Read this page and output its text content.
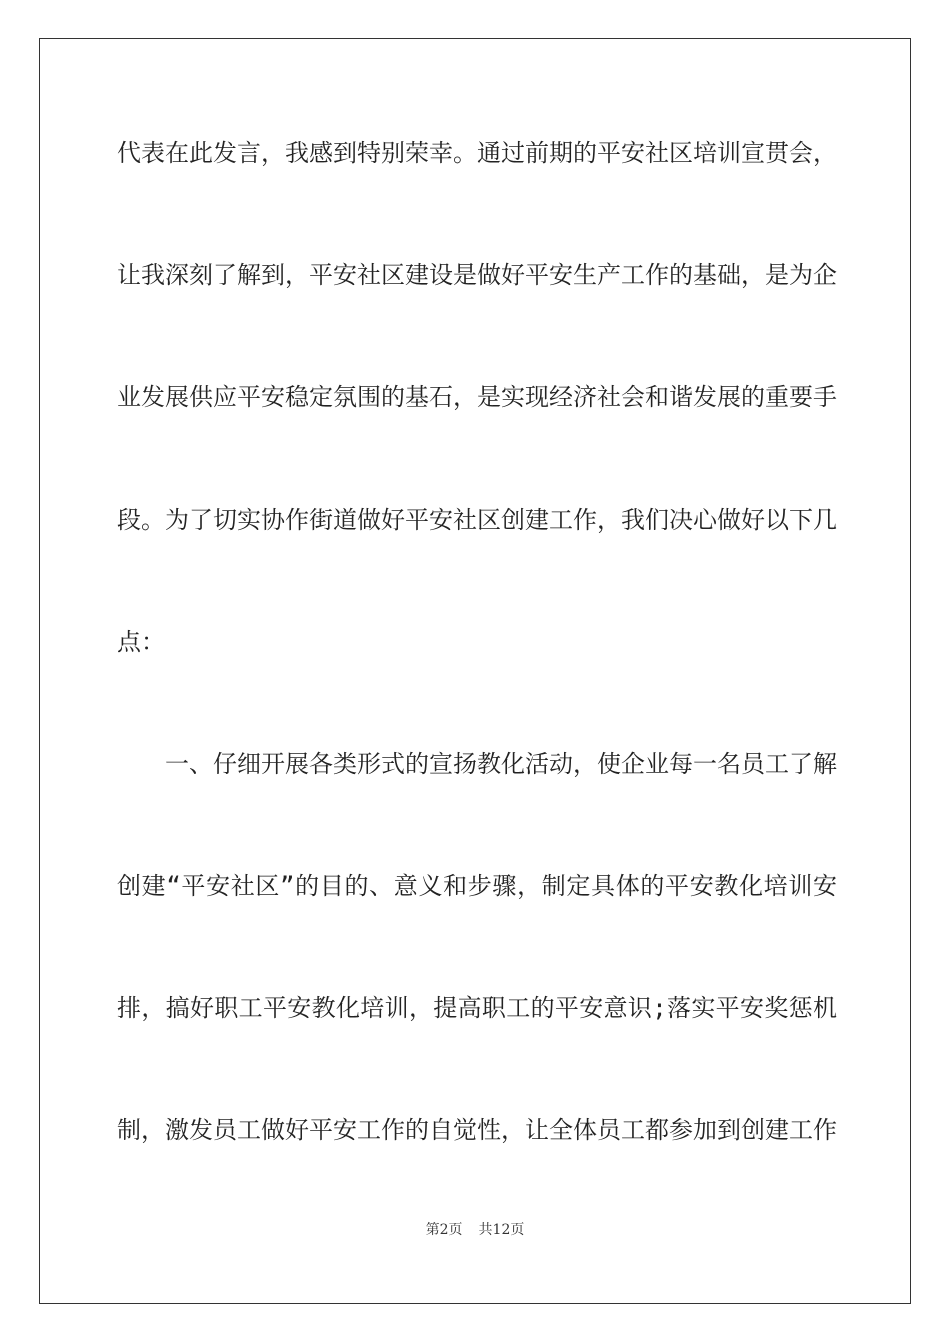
代表在此发言，我感到特别荣幸。通过前期的平安社区培训宣贯会，
让我深刻了解到，平安社区建设是做好平安生产工作的基础，是为企
业发展供应平安稳定氛围的基石，是实现经济社会和谐发展的重要手
段。为了切实协作街道做好平安社区创建工作，我们决心做好以下几
点：
一、仔细开展各类形式的宣扬教化活动，使企业每一名员工了解
创建“平安社区”的目的、意义和步骤，制定具体的平安教化培训安
排，搞好职工平安教化培训，提高职工的平安意识;落实平安奖惩机
制，激发员工做好平安工作的自觉性，让全体员工都参加到创建工作
第2页 共12页
